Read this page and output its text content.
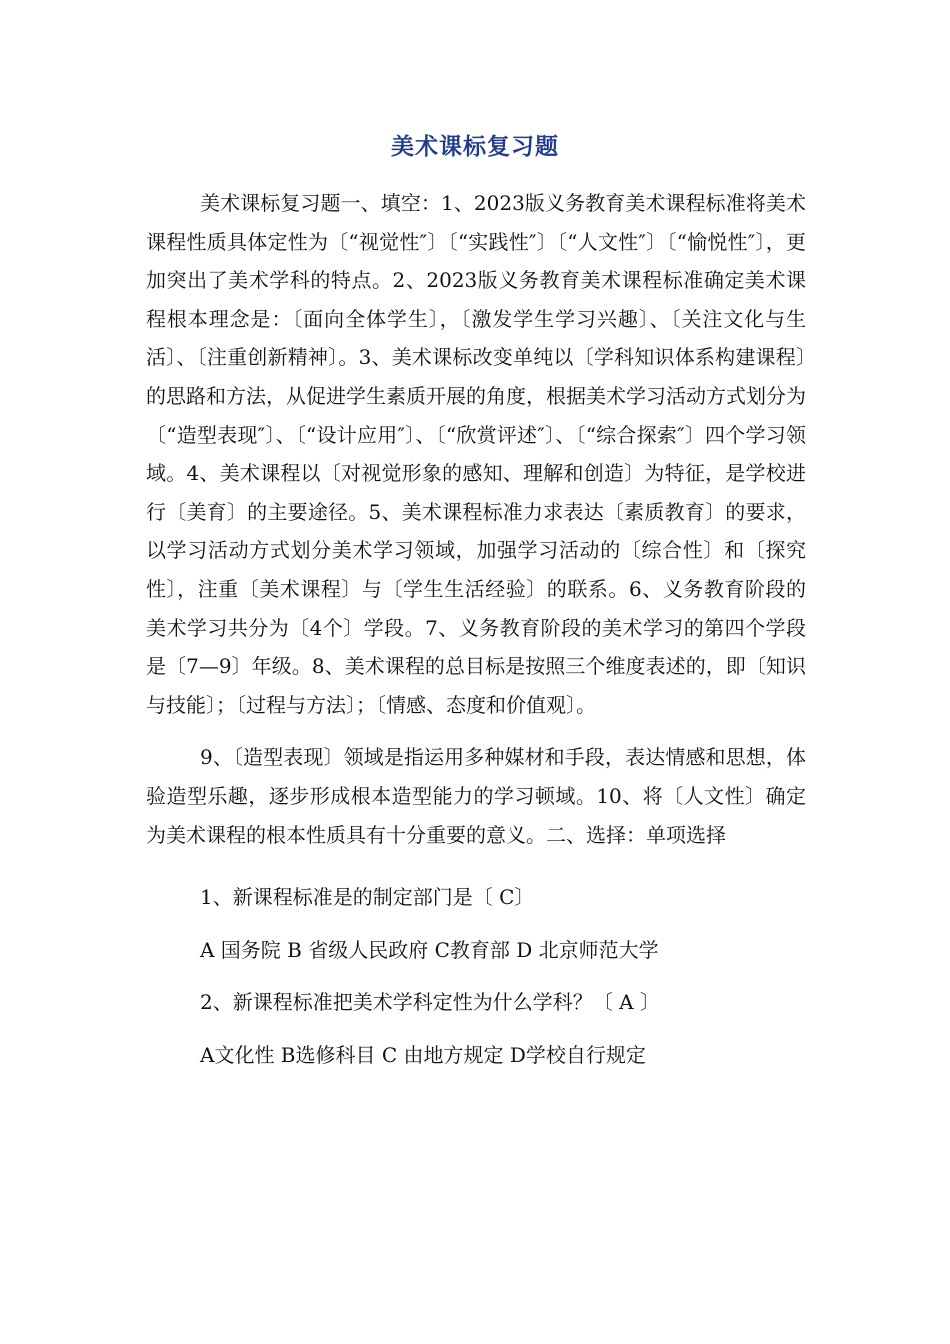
美术课标复习题

美术课标复习题一、填空：1、2023版义务教育美术课程标准将美术课程性质具体定性为〔“视觉性″〕〔“实践性″〕〔“人文性″〕〔“愉悦性″〕，更加突出了美术学科的特点。2、2023版义务教育美术课程标准确定美术课程根本理念是：〔面向全体学生〕，〔激发学生学习兴趣〕、〔关注文化与生活〕、〔注重创新精神〕。3、美术课标改变单纯以〔学科知识体系构建课程〕的思路和方法，从促进学生素质开展的角度，根据美术学习活动方式划分为〔“造型表现″〕、〔“设计应用″〕、〔“欣赏评述″〕、〔“综合探索″〕四个学习领域。4、美术课程以〔对视觉形象的感知、理解和创造〕为特征，是学校进行〔美育〕的主要途径。5、美术课程标准力求表达〔素质教育〕的要求，以学习活动方式划分美术学习领域，加强学习活动的〔综合性〕和〔探究性〕，注重〔美术课程〕与〔学生生活经验〕的联系。6、义务教育阶段的美术学习共分为〔4个〕学段。7、义务教育阶段的美术学习的第四个学段是〔7—9〕年级。8、美术课程的总目标是按照三个维度表述的，即〔知识与技能〕；〔过程与方法〕；〔情感、态度和价值观〕。

9、〔造型表现〕领域是指运用多种媒材和手段，表达情感和思想，体验造型乐趣，逐步形成根本造型能力的学习顿域。10、将〔人文性〕确定为美术课程的根本性质具有十分重要的意义。二、选择：单项选择

1、新课程标准是的制定部门是〔 C〕

A 国务院 B 省级人民政府 C教育部 D 北京师范大学

2、新课程标准把美术学科定性为什么学科？〔 A 〕

A文化性 B选修科目 C 由地方规定 D学校自行规定
